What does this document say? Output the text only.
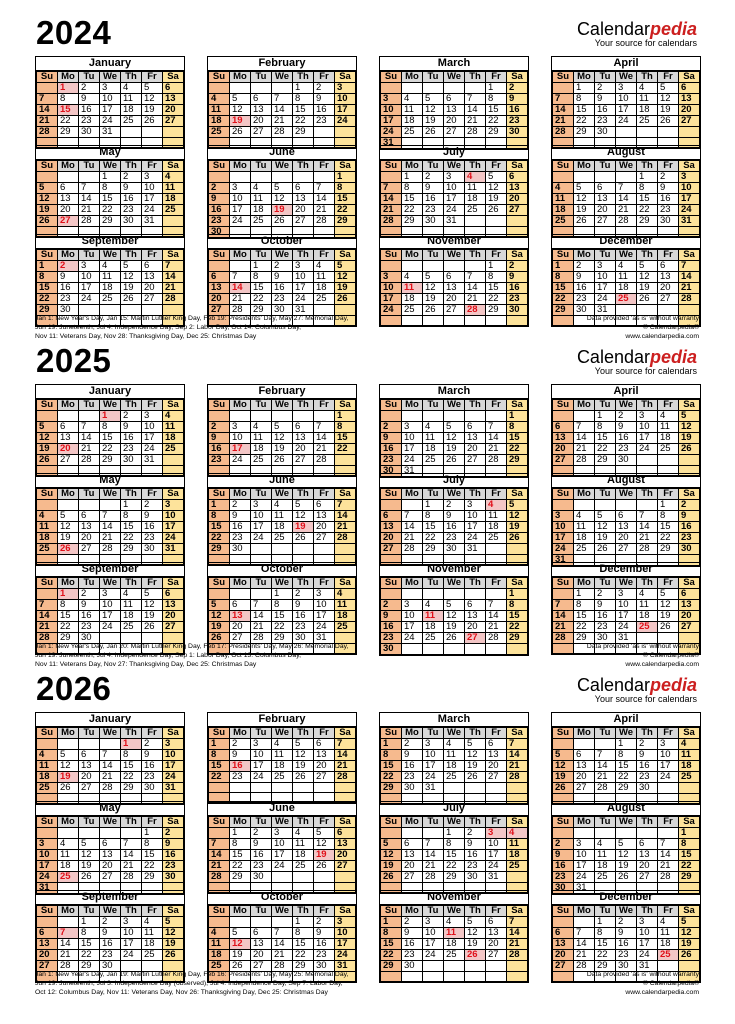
2024	Calendarpedia
Your source for calendars
January
Su	Mo	Tu	We	Th	Fr	Sa
	1	2	3	4	5	6
7	8	9	10	11	12	13
14	15	16	17	18	19	20
21	22	23	24	25	26	27
28	29	30	31			

February
Su	Mo	Tu	We	Th	Fr	Sa
				1	2	3
4	5	6	7	8	9	10
11	12	13	14	15	16	17
18	19	20	21	22	23	24
25	26	27	28	29		

March
Su	Mo	Tu	We	Th	Fr	Sa
					1	2
3	4	5	6	7	8	9
10	11	12	13	14	15	16
17	18	19	20	21	22	23
24	25	26	27	28	29	30
31						
April
Su	Mo	Tu	We	Th	Fr	Sa
	1	2	3	4	5	6
7	8	9	10	11	12	13
14	15	16	17	18	19	20
21	22	23	24	25	26	27
28	29	30				

May
Su	Mo	Tu	We	Th	Fr	Sa
			1	2	3	4
5	6	7	8	9	10	11
12	13	14	15	16	17	18
19	20	21	22	23	24	25
26	27	28	29	30	31	

June
Su	Mo	Tu	We	Th	Fr	Sa
						1
2	3	4	5	6	7	8
9	10	11	12	13	14	15
16	17	18	19	20	21	22
23	24	25	26	27	28	29
30						
July
Su	Mo	Tu	We	Th	Fr	Sa
	1	2	3	4	5	6
7	8	9	10	11	12	13
14	15	16	17	18	19	20
21	22	23	24	25	26	27
28	29	30	31			

August
Su	Mo	Tu	We	Th	Fr	Sa
				1	2	3
4	5	6	7	8	9	10
11	12	13	14	15	16	17
18	19	20	21	22	23	24
25	26	27	28	29	30	31

September
Su	Mo	Tu	We	Th	Fr	Sa
1	2	3	4	5	6	7
8	9	10	11	12	13	14
15	16	17	18	19	20	21
22	23	24	25	26	27	28
29	30					

October
Su	Mo	Tu	We	Th	Fr	Sa
		1	2	3	4	5
6	7	8	9	10	11	12
13	14	15	16	17	18	19
20	21	22	23	24	25	26
27	28	29	30	31		

November
Su	Mo	Tu	We	Th	Fr	Sa
					1	2
3	4	5	6	7	8	9
10	11	12	13	14	15	16
17	18	19	20	21	22	23
24	25	26	27	28	29	30

December
Su	Mo	Tu	We	Th	Fr	Sa
1	2	3	4	5	6	7
8	9	10	11	12	13	14
15	16	17	18	19	20	21
22	23	24	25	26	27	28
29	30	31				

Jan 1: New Year's Day, Jan 15: Martin Luther King Day, Feb 19: Presidents' Day, May 27: Memorial Day,
Jun 19: Juneteenth, Jul 4: Independence Day, Sep 2: Labor Day, Oct 14: Columbus Day,
Nov 11: Veterans Day, Nov 28: Thanksgiving Day, Dec 25: Christmas Day
Data provided 'as is' without warranty
© Calendarpedia®
www.calendarpedia.com
2025	Calendarpedia
Your source for calendars
January
Su	Mo	Tu	We	Th	Fr	Sa
			1	2	3	4
5	6	7	8	9	10	11
12	13	14	15	16	17	18
19	20	21	22	23	24	25
26	27	28	29	30	31	

February
Su	Mo	Tu	We	Th	Fr	Sa
						1
2	3	4	5	6	7	8
9	10	11	12	13	14	15
16	17	18	19	20	21	22
23	24	25	26	27	28	

March
Su	Mo	Tu	We	Th	Fr	Sa
						1
2	3	4	5	6	7	8
9	10	11	12	13	14	15
16	17	18	19	20	21	22
23	24	25	26	27	28	29
30	31					
April
Su	Mo	Tu	We	Th	Fr	Sa
		1	2	3	4	5
6	7	8	9	10	11	12
13	14	15	16	17	18	19
20	21	22	23	24	25	26
27	28	29	30			

May
Su	Mo	Tu	We	Th	Fr	Sa
				1	2	3
4	5	6	7	8	9	10
11	12	13	14	15	16	17
18	19	20	21	22	23	24
25	26	27	28	29	30	31

June
Su	Mo	Tu	We	Th	Fr	Sa
1	2	3	4	5	6	7
8	9	10	11	12	13	14
15	16	17	18	19	20	21
22	23	24	25	26	27	28
29	30					

July
Su	Mo	Tu	We	Th	Fr	Sa
		1	2	3	4	5
6	7	8	9	10	11	12
13	14	15	16	17	18	19
20	21	22	23	24	25	26
27	28	29	30	31		

August
Su	Mo	Tu	We	Th	Fr	Sa
					1	2
3	4	5	6	7	8	9
10	11	12	13	14	15	16
17	18	19	20	21	22	23
24	25	26	27	28	29	30
31						
September
Su	Mo	Tu	We	Th	Fr	Sa
	1	2	3	4	5	6
7	8	9	10	11	12	13
14	15	16	17	18	19	20
21	22	23	24	25	26	27
28	29	30				

October
Su	Mo	Tu	We	Th	Fr	Sa
			1	2	3	4
5	6	7	8	9	10	11
12	13	14	15	16	17	18
19	20	21	22	23	24	25
26	27	28	29	30	31	

November
Su	Mo	Tu	We	Th	Fr	Sa
						1
2	3	4	5	6	7	8
9	10	11	12	13	14	15
16	17	18	19	20	21	22
23	24	25	26	27	28	29
30						
December
Su	Mo	Tu	We	Th	Fr	Sa
	1	2	3	4	5	6
7	8	9	10	11	12	13
14	15	16	17	18	19	20
21	22	23	24	25	26	27
28	29	30	31			

Jan 1: New Year's Day, Jan 20: Martin Luther King Day, Feb 17: Presidents' Day, May 26: Memorial Day,
Jun 19: Juneteenth, Jul 4: Independence Day, Sep 1: Labor Day, Oct 13: Columbus Day,
Nov 11: Veterans Day, Nov 27: Thanksgiving Day, Dec 25: Christmas Day
Data provided 'as is' without warranty
© Calendarpedia®
www.calendarpedia.com
2026	Calendarpedia
Your source for calendars
January
Su	Mo	Tu	We	Th	Fr	Sa
				1	2	3
4	5	6	7	8	9	10
11	12	13	14	15	16	17
18	19	20	21	22	23	24
25	26	27	28	29	30	31

February
Su	Mo	Tu	We	Th	Fr	Sa
1	2	3	4	5	6	7
8	9	10	11	12	13	14
15	16	17	18	19	20	21
22	23	24	25	26	27	28

March
Su	Mo	Tu	We	Th	Fr	Sa
1	2	3	4	5	6	7
8	9	10	11	12	13	14
15	16	17	18	19	20	21
22	23	24	25	26	27	28
29	30	31				

April
Su	Mo	Tu	We	Th	Fr	Sa
			1	2	3	4
5	6	7	8	9	10	11
12	13	14	15	16	17	18
19	20	21	22	23	24	25
26	27	28	29	30		

May
Su	Mo	Tu	We	Th	Fr	Sa
					1	2
3	4	5	6	7	8	9
10	11	12	13	14	15	16
17	18	19	20	21	22	23
24	25	26	27	28	29	30
31						
June
Su	Mo	Tu	We	Th	Fr	Sa
	1	2	3	4	5	6
7	8	9	10	11	12	13
14	15	16	17	18	19	20
21	22	23	24	25	26	27
28	29	30				

July
Su	Mo	Tu	We	Th	Fr	Sa
			1	2	3	4
5	6	7	8	9	10	11
12	13	14	15	16	17	18
19	20	21	22	23	24	25
26	27	28	29	30	31	

August
Su	Mo	Tu	We	Th	Fr	Sa
						1
2	3	4	5	6	7	8
9	10	11	12	13	14	15
16	17	18	19	20	21	22
23	24	25	26	27	28	29
30	31					
September
Su	Mo	Tu	We	Th	Fr	Sa
		1	2	3	4	5
6	7	8	9	10	11	12
13	14	15	16	17	18	19
20	21	22	23	24	25	26
27	28	29	30			

October
Su	Mo	Tu	We	Th	Fr	Sa
				1	2	3
4	5	6	7	8	9	10
11	12	13	14	15	16	17
18	19	20	21	22	23	24
25	26	27	28	29	30	31

November
Su	Mo	Tu	We	Th	Fr	Sa
1	2	3	4	5	6	7
8	9	10	11	12	13	14
15	16	17	18	19	20	21
22	23	24	25	26	27	28
29	30					

December
Su	Mo	Tu	We	Th	Fr	Sa
		1	2	3	4	5
6	7	8	9	10	11	12
13	14	15	16	17	18	19
20	21	22	23	24	25	26
27	28	29	30	31		

Jan 1: New Year's Day, Jan 19: Martin Luther King Day, Feb 16: Presidents' Day, May 25: Memorial Day,
Jun 19: Juneteenth, Jul 3: Independence Day (observed), Jul 4: Independence Day, Sep 7: Labor Day,
Oct 12: Columbus Day, Nov 11: Veterans Day, Nov 26: Thanksgiving Day, Dec 25: Christmas Day
Data provided 'as is' without warranty
© Calendarpedia®
www.calendarpedia.com
